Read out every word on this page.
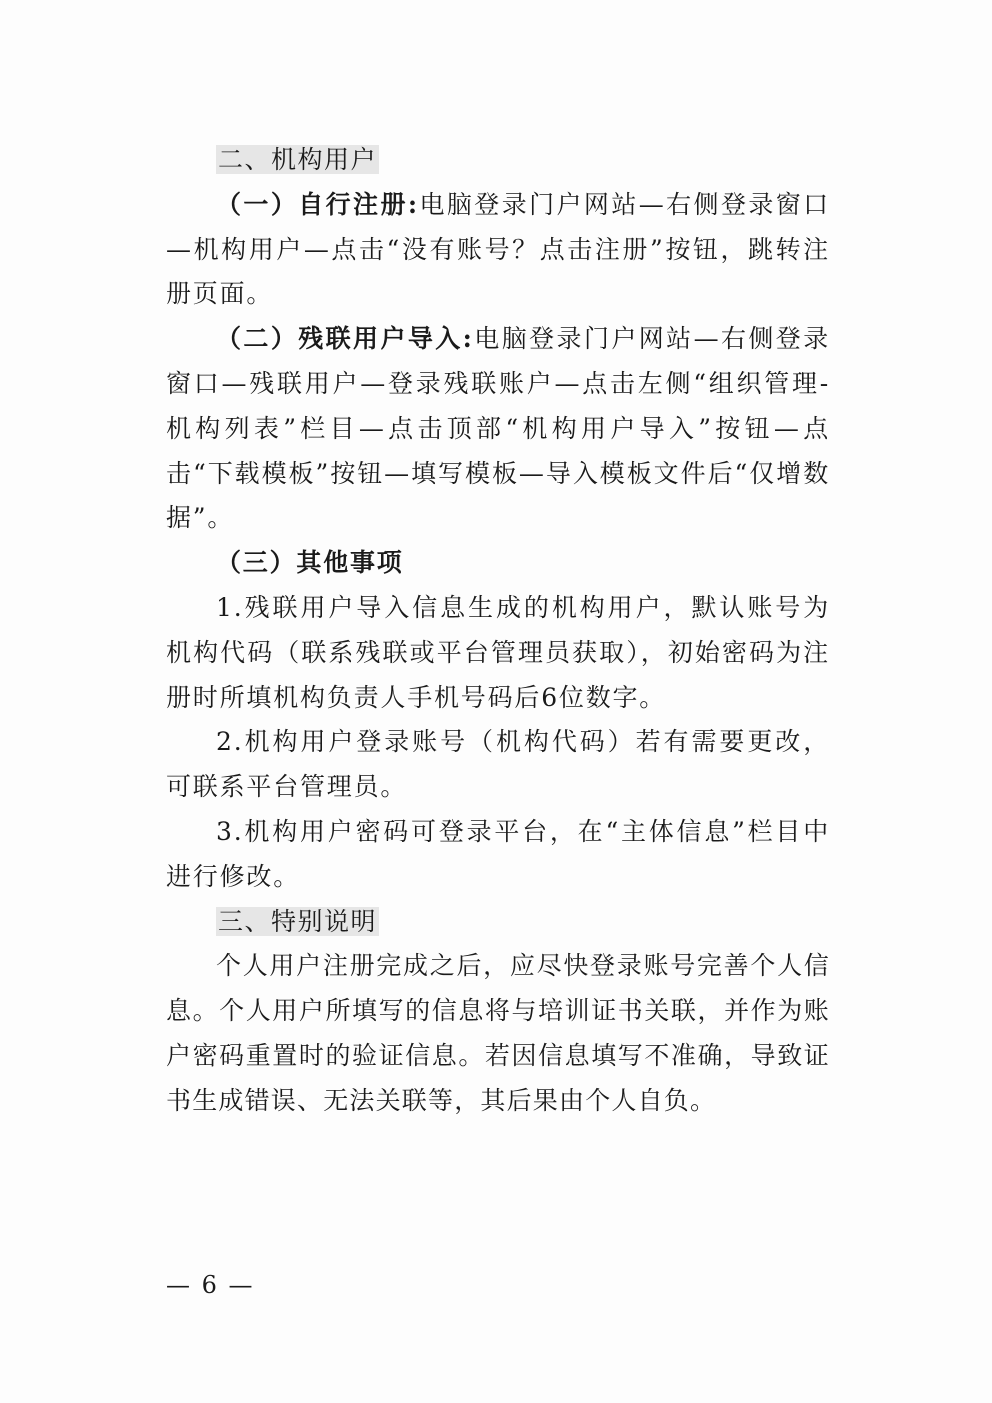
二、机构用户

（一）自行注册:电脑登录门户网站—右侧登录窗口—机构用户—点击“没有账号？点击注册”按钮，跳转注册页面。

（二）残联用户导入:电脑登录门户网站—右侧登录窗口—残联用户—登录残联账户—点击左侧“组织管理-机构列表”栏目—点击顶部“机构用户导入”按钮—点击“下载模板”按钮—填写模板—导入模板文件后“仅增数据”。

（三）其他事项

1.残联用户导入信息生成的机构用户，默认账号为机构代码（联系残联或平台管理员获取），初始密码为注册时所填机构负责人手机号码后6位数字。

2.机构用户登录账号（机构代码）若有需要更改，可联系平台管理员。

3.机构用户密码可登录平台，在“主体信息”栏目中进行修改。

三、特别说明

个人用户注册完成之后，应尽快登录账号完善个人信息。个人用户所填写的信息将与培训证书关联，并作为账户密码重置时的验证信息。若因信息填写不准确，导致证书生成错误、无法关联等，其后果由个人自负。

— 6 —
